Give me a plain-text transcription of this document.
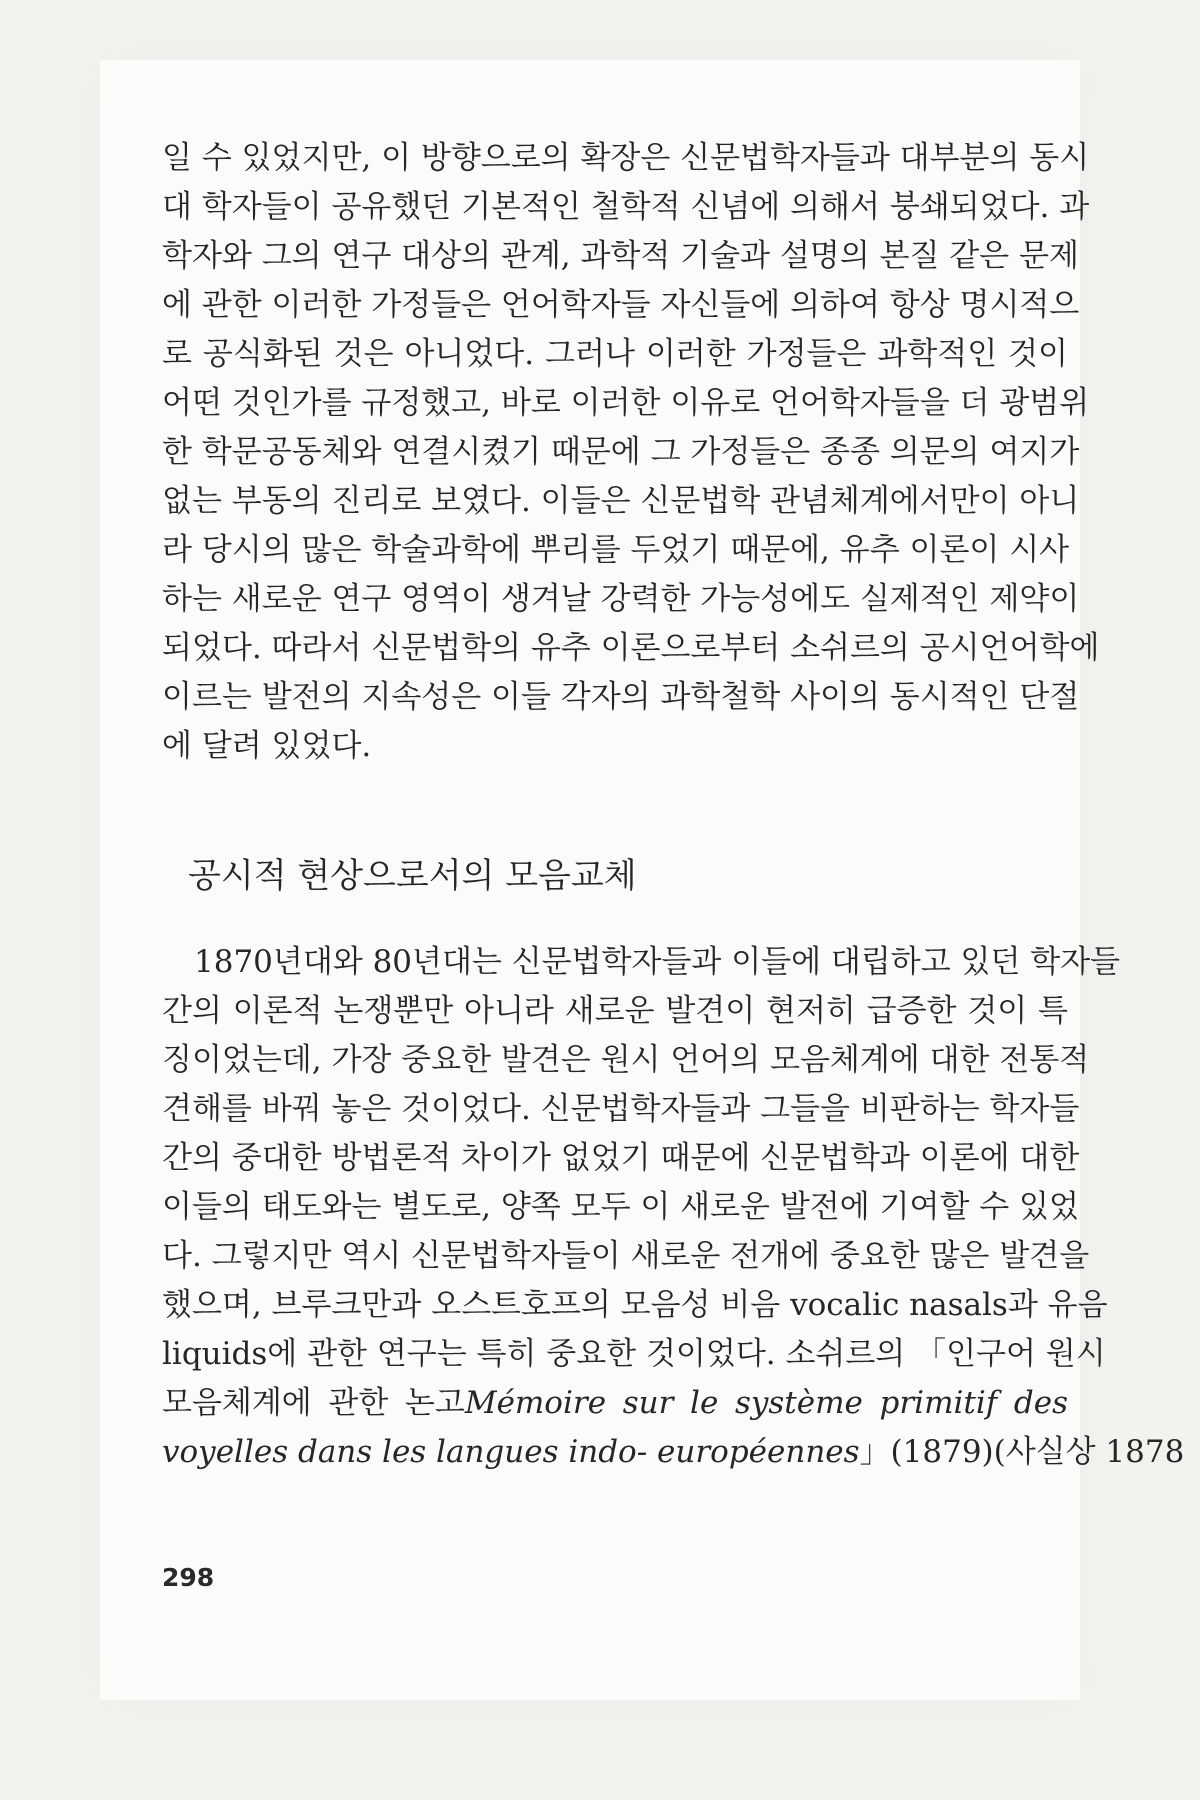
일 수 있었지만, 이 방향으로의 확장은 신문법학자들과 대부분의 동시
대 학자들이 공유했던 기본적인 철학적 신념에 의해서 붕쇄되었다. 과
학자와 그의 연구 대상의 관계, 과학적 기술과 설명의 본질 같은 문제
에 관한 이러한 가정들은 언어학자들 자신들에 의하여 항상 명시적으
로 공식화된 것은 아니었다. 그러나 이러한 가정들은 과학적인 것이
어떤 것인가를 규정했고, 바로 이러한 이유로 언어학자들을 더 광범위
한 학문공동체와 연결시켰기 때문에 그 가정들은 종종 의문의 여지가
없는 부동의 진리로 보였다. 이들은 신문법학 관념체계에서만이 아니
라 당시의 많은 학술과학에 뿌리를 두었기 때문에, 유추 이론이 시사
하는 새로운 연구 영역이 생겨날 강력한 가능성에도 실제적인 제약이
되었다. 따라서 신문법학의 유추 이론으로부터 소쉬르의 공시언어학에
이르는 발전의 지속성은 이들 각자의 과학철학 사이의 동시적인 단절
에 달려 있었다.
공시적 현상으로서의 모음교체
1870년대와 80년대는 신문법학자들과 이들에 대립하고 있던 학자들
간의 이론적 논쟁뿐만 아니라 새로운 발견이 현저히 급증한 것이 특
징이었는데, 가장 중요한 발견은 원시 언어의 모음체계에 대한 전통적
견해를 바꿔 놓은 것이었다. 신문법학자들과 그들을 비판하는 학자들
간의 중대한 방법론적 차이가 없었기 때문에 신문법학과 이론에 대한
이들의 태도와는 별도로, 양쪽 모두 이 새로운 발전에 기여할 수 있었
다. 그렇지만 역시 신문법학자들이 새로운 전개에 중요한 많은 발견을
했으며, 브루크만과 오스트호프의 모음성 비음 vocalic nasals과 유음
liquids에 관한 연구는 특히 중요한 것이었다. 소쉬르의 「인구어 원시
모음체계에 관한 논고Mémoire sur le système primitif des
voyelles dans les langues indo- européennes」(1879)(사실상 1878
298
